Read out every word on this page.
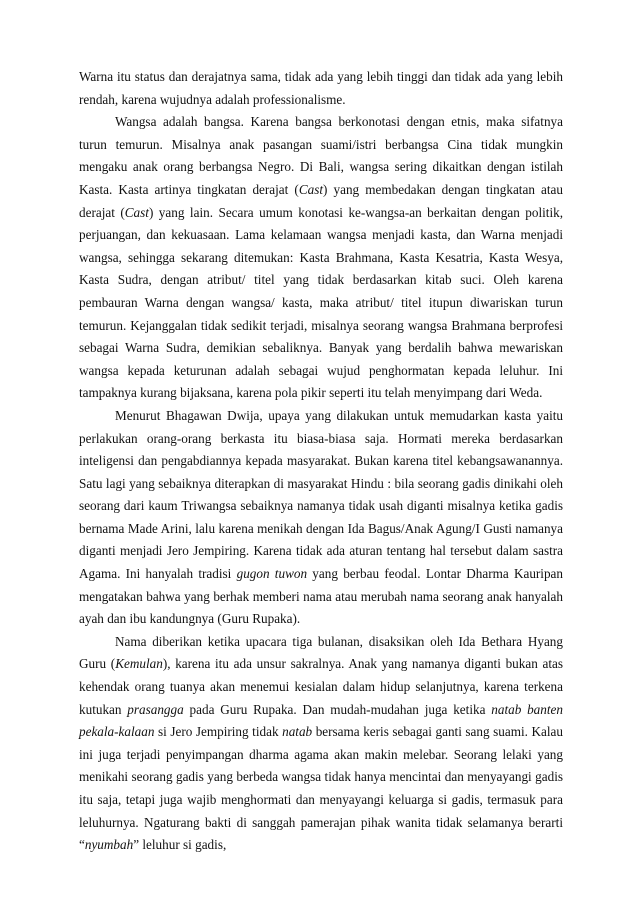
Warna itu status dan derajatnya sama, tidak ada yang lebih tinggi dan tidak ada yang lebih rendah, karena wujudnya adalah professionalisme.

Wangsa adalah bangsa. Karena bangsa berkonotasi dengan etnis, maka sifatnya turun temurun. Misalnya anak pasangan suami/istri berbangsa Cina tidak mungkin mengaku anak orang berbangsa Negro. Di Bali, wangsa sering dikaitkan dengan istilah Kasta. Kasta artinya tingkatan derajat (Cast) yang membedakan dengan tingkatan atau derajat (Cast) yang lain. Secara umum konotasi ke-wangsa-an berkaitan dengan politik, perjuangan, dan kekuasaan. Lama kelamaan wangsa menjadi kasta, dan Warna menjadi wangsa, sehingga sekarang ditemukan: Kasta Brahmana, Kasta Kesatria, Kasta Wesya, Kasta Sudra, dengan atribut/ titel yang tidak berdasarkan kitab suci. Oleh karena pembauran Warna dengan wangsa/ kasta, maka atribut/ titel itupun diwariskan turun temurun. Kejanggalan tidak sedikit terjadi, misalnya seorang wangsa Brahmana berprofesi sebagai Warna Sudra, demikian sebaliknya. Banyak yang berdalih bahwa mewariskan wangsa kepada keturunan adalah sebagai wujud penghormatan kepada leluhur. Ini tampaknya kurang bijaksana, karena pola pikir seperti itu telah menyimpang dari Weda.

Menurut Bhagawan Dwija, upaya yang dilakukan untuk memudarkan kasta yaitu perlakukan orang-orang berkasta itu biasa-biasa saja. Hormati mereka berdasarkan inteligensi dan pengabdiannya kepada masyarakat. Bukan karena titel kebangsawanannya. Satu lagi yang sebaiknya diterapkan di masyarakat Hindu : bila seorang gadis dinikahi oleh seorang dari kaum Triwangsa sebaiknya namanya tidak usah diganti misalnya ketika gadis bernama Made Arini, lalu karena menikah dengan Ida Bagus/Anak Agung/I Gusti namanya diganti menjadi Jero Jempiring. Karena tidak ada aturan tentang hal tersebut dalam sastra Agama. Ini hanyalah tradisi gugon tuwon yang berbau feodal. Lontar Dharma Kauripan mengatakan bahwa yang berhak memberi nama atau merubah nama seorang anak hanyalah ayah dan ibu kandungnya (Guru Rupaka).

Nama diberikan ketika upacara tiga bulanan, disaksikan oleh Ida Bethara Hyang Guru (Kemulan), karena itu ada unsur sakralnya. Anak yang namanya diganti bukan atas kehendak orang tuanya akan menemui kesialan dalam hidup selanjutnya, karena terkena kutukan prasangga pada Guru Rupaka. Dan mudah-mudahan juga ketika natab banten pekala-kalaan si Jero Jempiring tidak natab bersama keris sebagai ganti sang suami. Kalau ini juga terjadi penyimpangan dharma agama akan makin melebar. Seorang lelaki yang menikahi seorang gadis yang berbeda wangsa tidak hanya mencintai dan menyayangi gadis itu saja, tetapi juga wajib menghormati dan menyayangi keluarga si gadis, termasuk para leluhurnya. Ngaturang bakti di sanggah pamerajan pihak wanita tidak selamanya berarti “nyumbah” leluhur si gadis,
